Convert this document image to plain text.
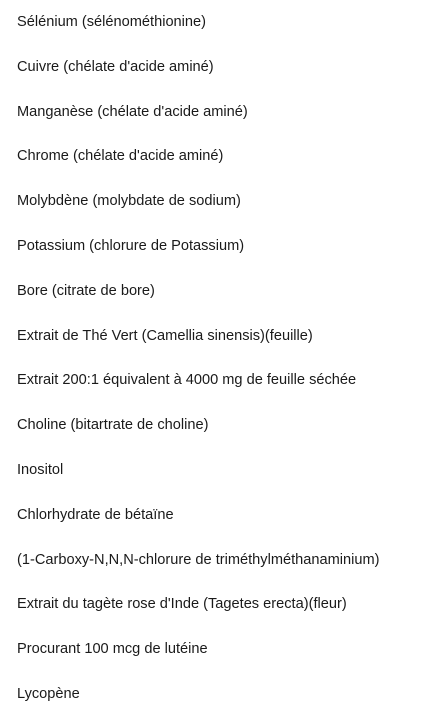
Sélénium (sélénométhionine)
Cuivre (chélate d'acide aminé)
Manganèse (chélate d'acide aminé)
Chrome (chélate d'acide aminé)
Molybdène (molybdate de sodium)
Potassium (chlorure de Potassium)
Bore (citrate de bore)
Extrait de Thé Vert (Camellia sinensis)(feuille)
Extrait 200:1 équivalent à 4000 mg de feuille séchée
Choline (bitartrate de choline)
Inositol
Chlorhydrate de bétaïne
(1-Carboxy-N,N,N-chlorure de triméthylméthanaminium)
Extrait du tagète rose d'Inde (Tagetes erecta)(fleur)
Procurant 100 mcg de lutéine
Lycopène
